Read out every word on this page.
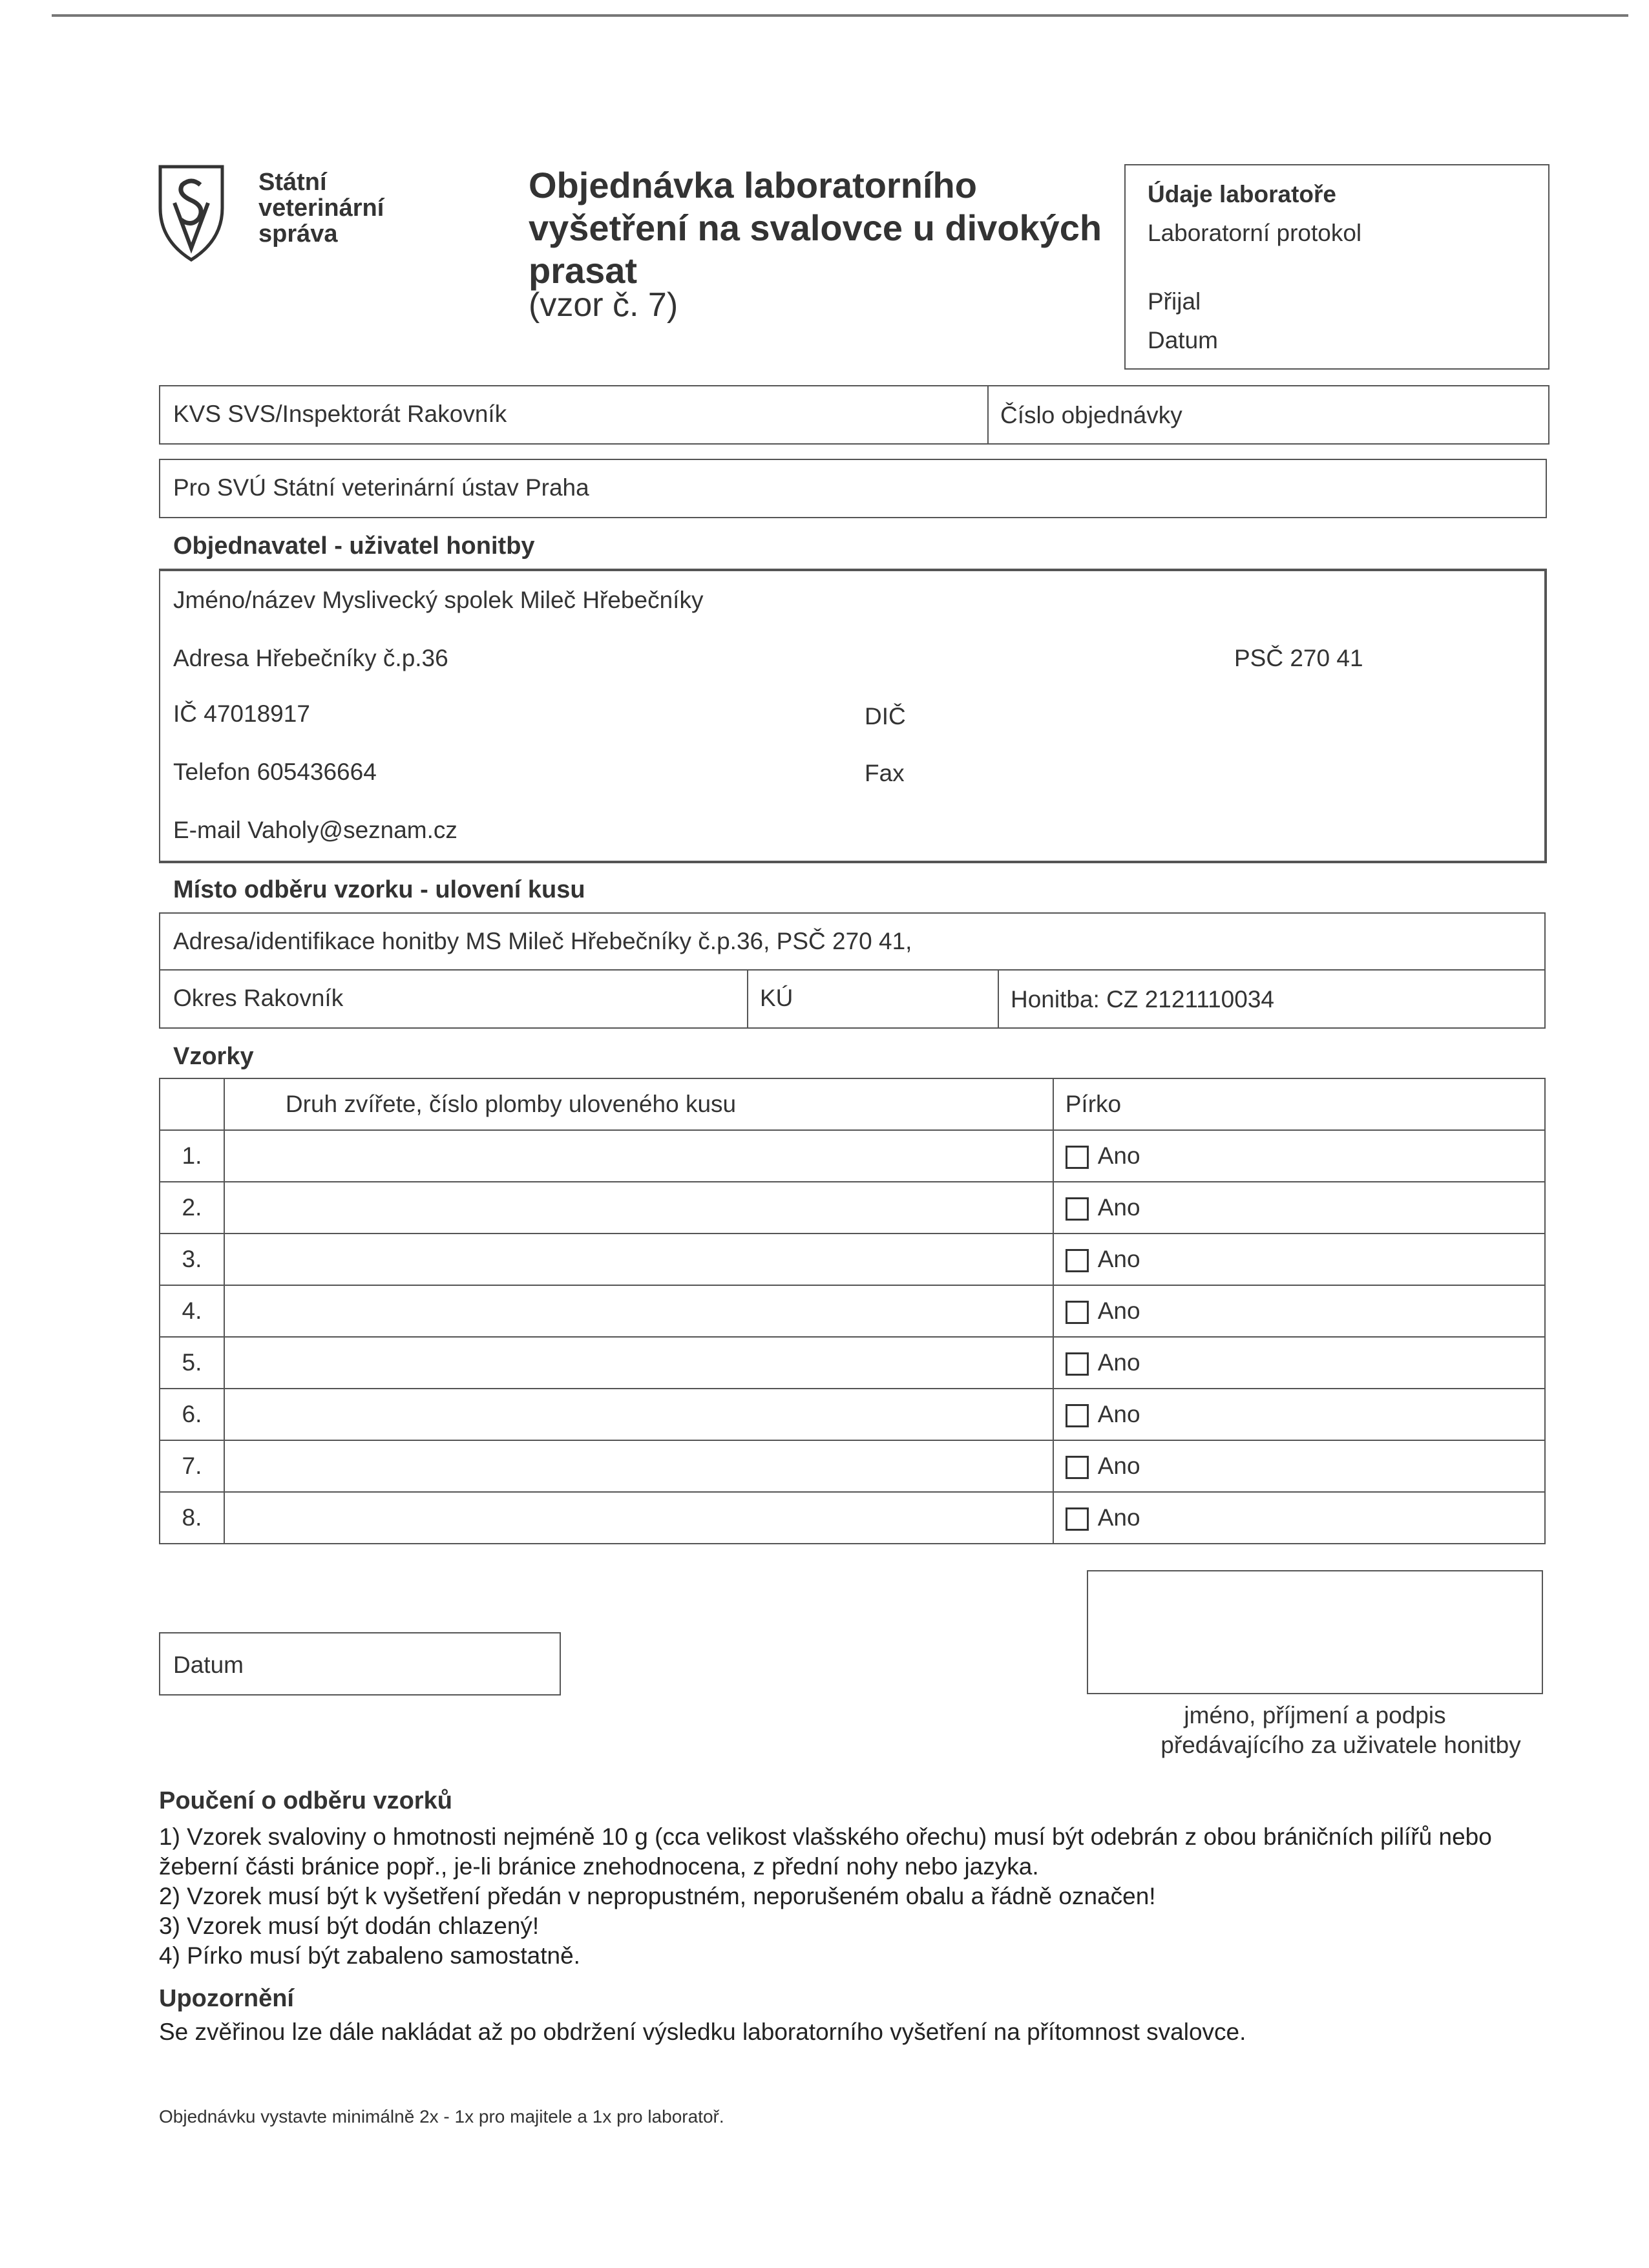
Státní
veterinární
správa
Objednávka laboratorního vyšetření na svalovce u divokých prasat
(vzor č. 7)
Údaje laboratoře
Laboratorní protokol
Přijal
Datum
KVS SVS/Inspektorát Rakovník	Číslo objednávky
Pro SVÚ Státní veterinární ústav Praha
Objednavatel - uživatel honitby
Jméno/název Myslivecký spolek Mileč Hřebečníky
Adresa Hřebečníky č.p.36	PSČ 270 41
IČ 47018917	DIČ
Telefon 605436664	Fax
E-mail Vaholy@seznam.cz
Místo odběru vzorku - ulovení kusu
Adresa/identifikace honitby MS Mileč Hřebečníky č.p.36, PSČ 270 41,
Okres Rakovník	KÚ	Honitba: CZ 2121110034
Vzorky
	Druh zvířete, číslo plomby uloveného kusu	Pírko
1.		Ano
2.		Ano
3.		Ano
4.		Ano
5.		Ano
6.		Ano
7.		Ano
8.		Ano
Datum
jméno, příjmení a podpis
předávajícího za uživatele honitby
Poučení o odběru vzorků
1) Vzorek svaloviny o hmotnosti nejméně 10 g (cca velikost vlašského ořechu) musí být odebrán z obou bráničních pilířů nebo žeberní části bránice popř., je-li bránice znehodnocena, z přední nohy nebo jazyka.
2) Vzorek musí být k vyšetření předán v nepropustném, neporušeném obalu a řádně označen!
3) Vzorek musí být dodán chlazený!
4) Pírko musí být zabaleno samostatně.
Upozornění
Se zvěřinou lze dále nakládat až po obdržení výsledku laboratorního vyšetření na přítomnost svalovce.
Objednávku vystavte minimálně 2x - 1x pro majitele a 1x pro laboratoř.
